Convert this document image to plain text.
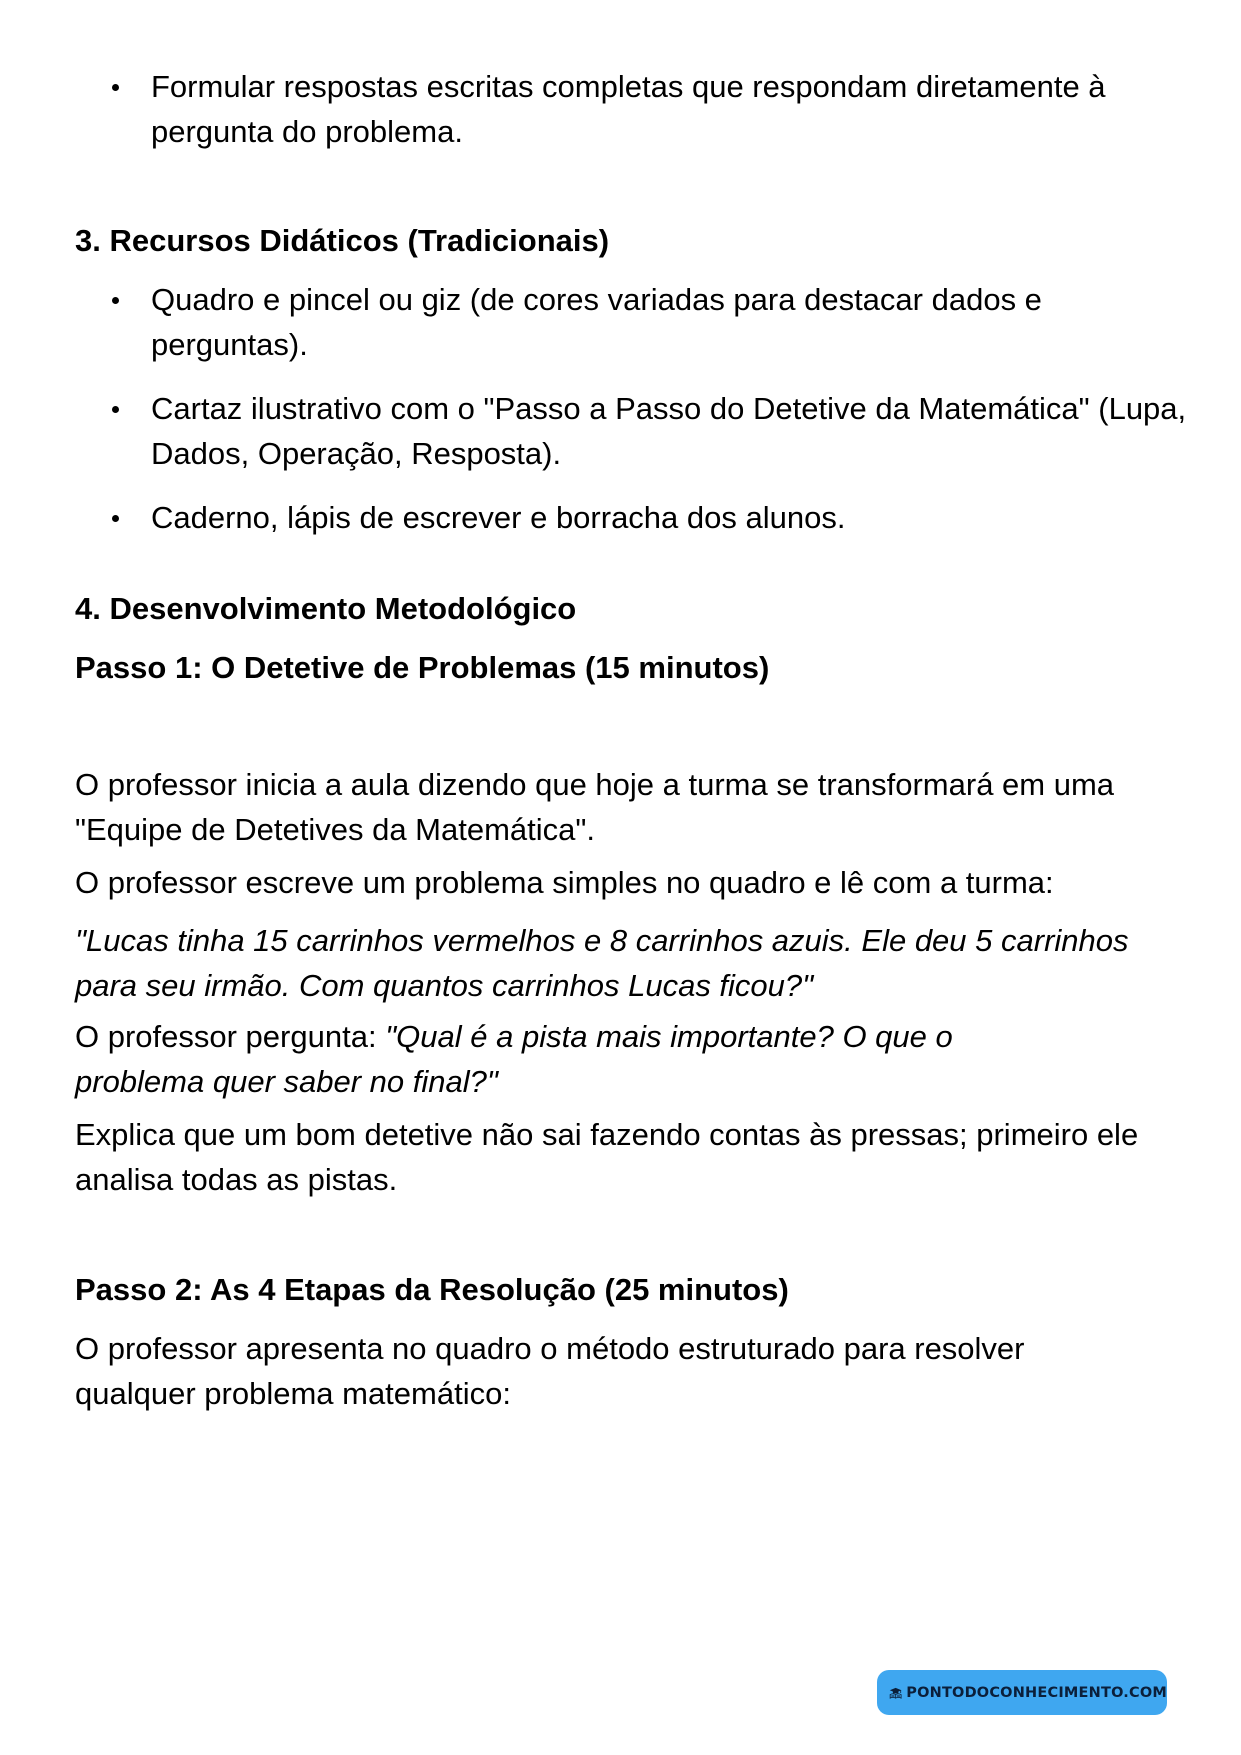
Formular respostas escritas completas que respondam diretamente à pergunta do problema.
3. Recursos Didáticos (Tradicionais)
Quadro e pincel ou giz (de cores variadas para destacar dados e perguntas).
Cartaz ilustrativo com o "Passo a Passo do Detetive da Matemática" (Lupa, Dados, Operação, Resposta).
Caderno, lápis de escrever e borracha dos alunos.
4. Desenvolvimento Metodológico
Passo 1: O Detetive de Problemas (15 minutos)

O professor inicia a aula dizendo que hoje a turma se transformará em uma "Equipe de Detetives da Matemática".

O professor escreve um problema simples no quadro e lê com a turma:

"Lucas tinha 15 carrinhos vermelhos e 8 carrinhos azuis. Ele deu 5 carrinhos para seu irmão. Com quantos carrinhos Lucas ficou?"

O professor pergunta: "Qual é a pista mais importante? O que o problema quer saber no final?"

Explica que um bom detetive não sai fazendo contas às pressas; primeiro ele analisa todas as pistas.

Passo 2: As 4 Etapas da Resolução (25 minutos)

O professor apresenta no quadro o método estruturado para resolver qualquer problema matemático:

PONTODOCONHECIMENTO.COM
